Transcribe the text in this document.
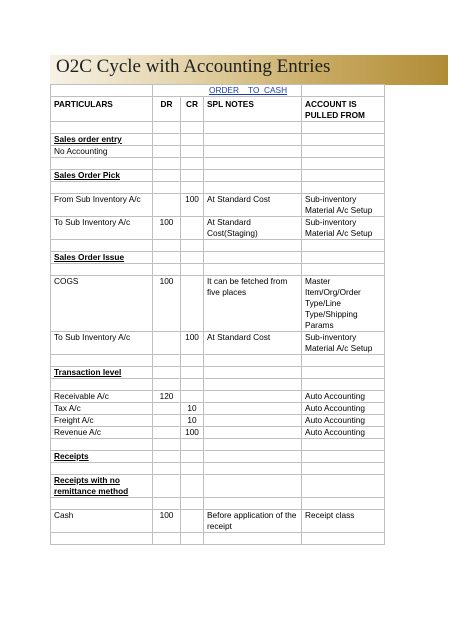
O2C Cycle with Accounting Entries
	ORDER    TO  CASH			
PARTICULARS	DR	CR	SPL NOTES	ACCOUNT IS PULLED FROM

Sales order entry				
No Accounting				

Sales Order Pick				

From Sub Inventory A/c		100	At Standard Cost	Sub-inventory Material A/c Setup
To Sub Inventory A/c	100		At Standard Cost(Staging)	Sub-inventory Material A/c Setup

Sales Order Issue				

COGS	100		It can be fetched from five places	Master Item/Org/Order Type/Line Type/Shipping Params
To Sub Inventory A/c		100	At Standard Cost	Sub-inventory Material A/c Setup

Transaction level				

Receivable A/c	120			Auto Accounting
Tax A/c		10		Auto Accounting
Freight A/c		10		Auto Accounting
Revenue A/c		100		Auto Accounting

Receipts				

Receipts with no remittance method				

Cash	100		Before application of the receipt	Receipt class
